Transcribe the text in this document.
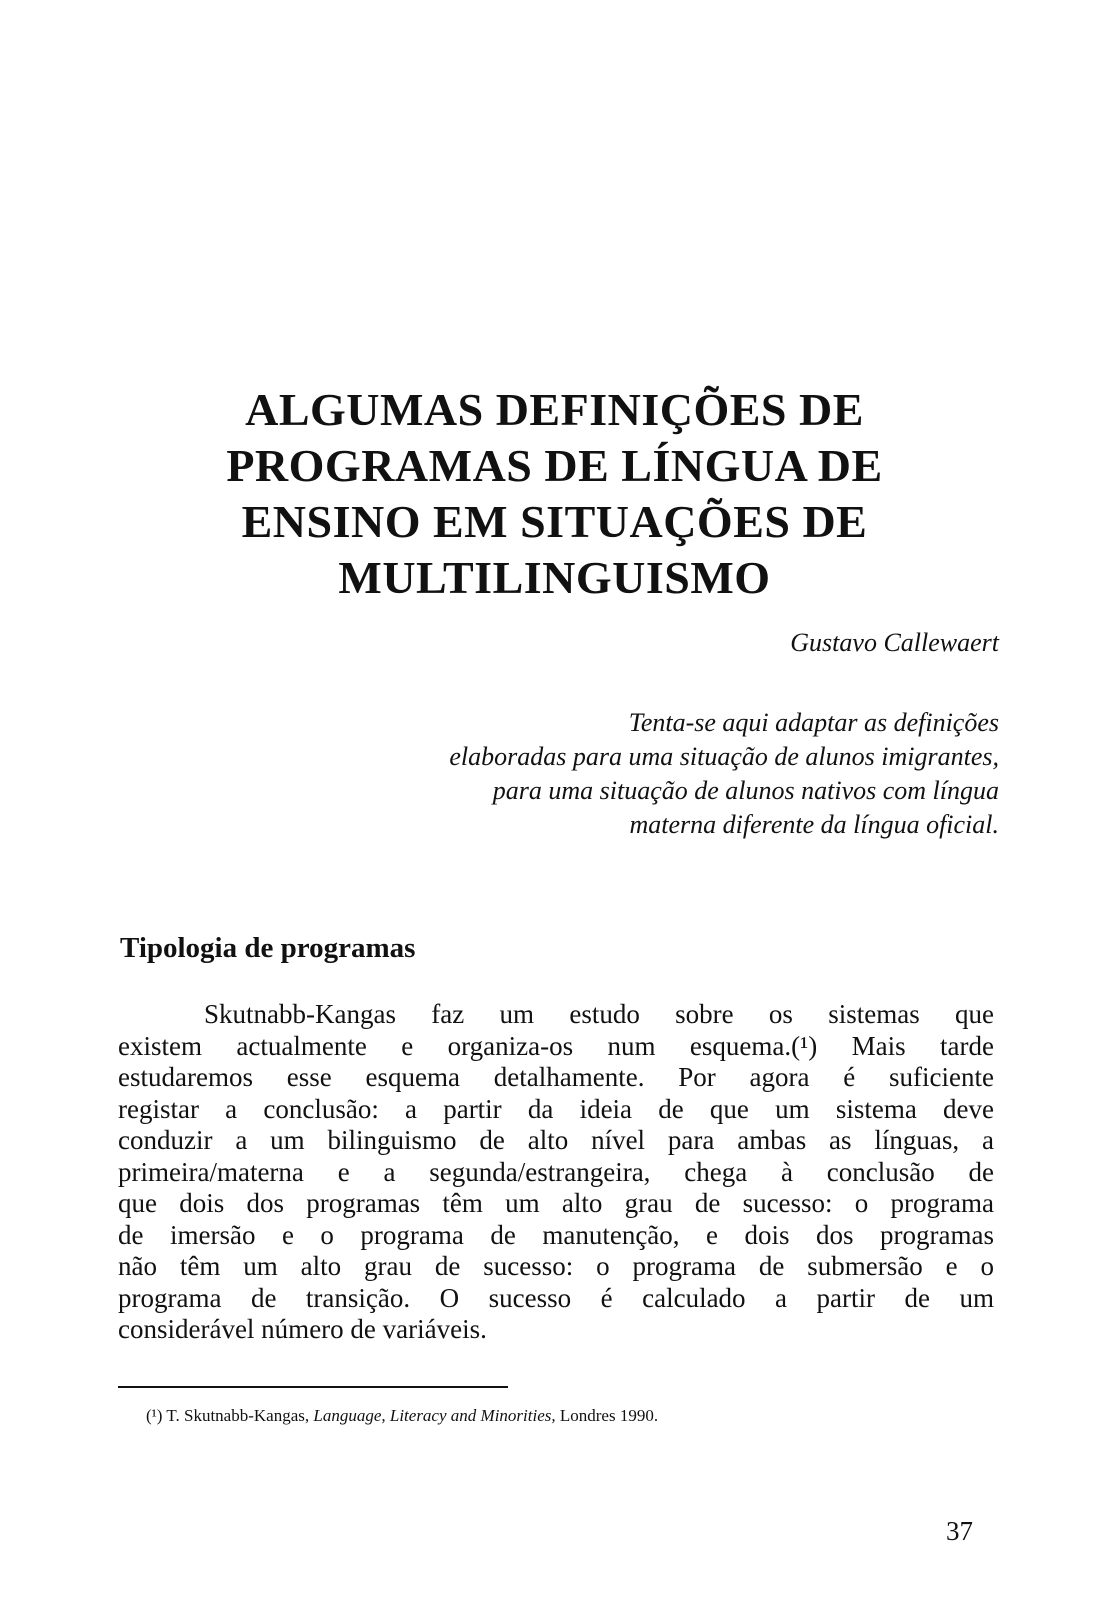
ALGUMAS DEFINIÇÕES DE
PROGRAMAS DE LÍNGUA DE
ENSINO EM SITUAÇÕES DE
MULTILINGUISMO
Gustavo Callewaert
Tenta-se aqui adaptar as definições
elaboradas para uma situação de alunos imigrantes,
para uma situação de alunos nativos com língua
materna diferente da língua oficial.
Tipologia de programas
Skutnabb-Kangas faz um estudo sobre os sistemas que
existem actualmente e organiza-os num esquema.(¹) Mais tarde
estudaremos esse esquema detalhamente. Por agora é suficiente
registar a conclusão: a partir da ideia de que um sistema deve
conduzir a um bilinguismo de alto nível para ambas as línguas, a
primeira/materna e a segunda/estrangeira, chega à conclusão de
que dois dos programas têm um alto grau de sucesso: o programa
de imersão e o programa de manutenção, e dois dos programas
não têm um alto grau de sucesso: o programa de submersão e o
programa de transição. O sucesso é calculado a partir de um
considerável número de variáveis.
(¹) T. Skutnabb-Kangas, Language, Literacy and Minorities, Londres 1990.
37
